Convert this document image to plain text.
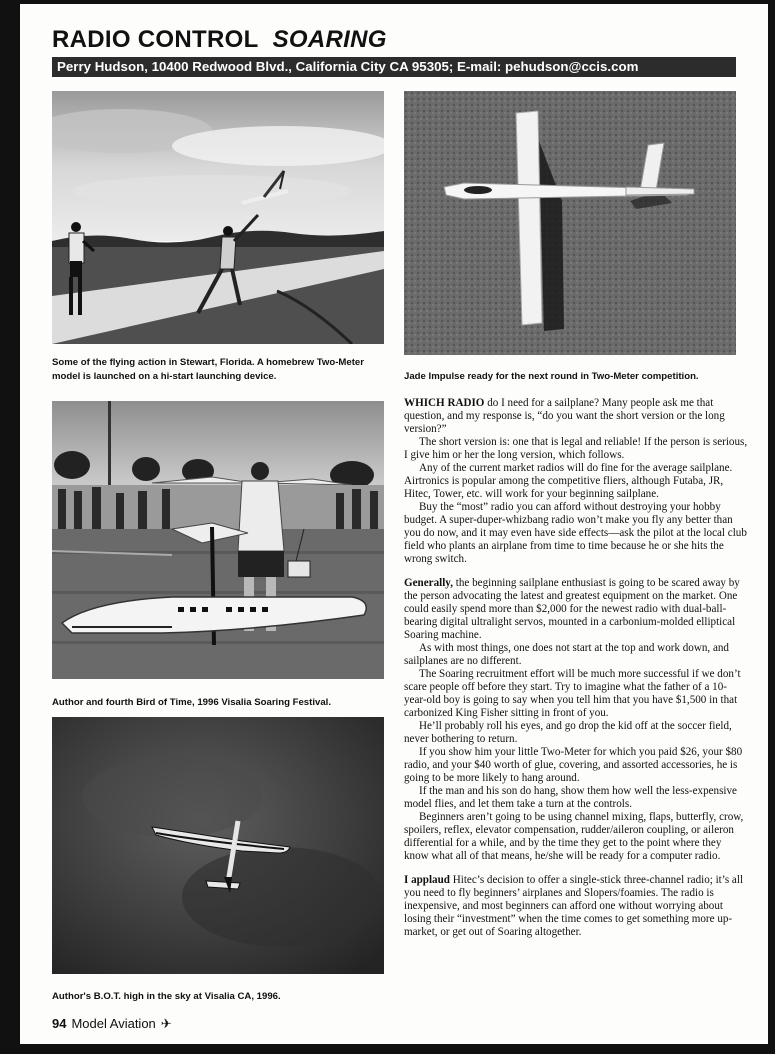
RADIO CONTROL SOARING
Perry Hudson, 10400 Redwood Blvd., California City CA 95305; E-mail: pehudson@ccis.com

Some of the flying action in Stewart, Florida. A homebrew Two-Meter model is launched on a hi-start launching device.	Jade Impulse ready for the next round in Two-Meter competition.

Author and fourth Bird of Time, 1996 Visalia Soaring Festival.

Author's B.O.T. high in the sky at Visalia CA, 1996.

WHICH RADIO do I need for a sailplane? Many people ask me that question, and my response is, “do you want the short version or the long version?”

The short version is: one that is legal and reliable! If the person is serious, I give him or her the long version, which follows.

Any of the current market radios will do fine for the average sailplane. Airtronics is popular among the competitive fliers, although Futaba, JR, Hitec, Tower, etc. will work for your beginning sailplane.

Buy the “most” radio you can afford without destroying your hobby budget. A super-duper-whizbang radio won’t make you fly any better than you do now, and it may even have side effects—ask the pilot at the local club field who plants an airplane from time to time because he or she hits the wrong switch.

Generally, the beginning sailplane enthusiast is going to be scared away by the person advocating the latest and greatest equipment on the market. One could easily spend more than $2,000 for the newest radio with dual-ball-bearing digital ultralight servos, mounted in a carbonium-molded elliptical Soaring machine.

As with most things, one does not start at the top and work down, and sailplanes are no different.

The Soaring recruitment effort will be much more successful if we don’t scare people off before they start. Try to imagine what the father of a 10-year-old boy is going to say when you tell him that you have $1,500 in that carbonized King Fisher sitting in front of you.

He’ll probably roll his eyes, and go drop the kid off at the soccer field, never bothering to return.

If you show him your little Two-Meter for which you paid $26, your $80 radio, and your $40 worth of glue, covering, and assorted accessories, he is going to be more likely to hang around.

If the man and his son do hang, show them how well the less-expensive model flies, and let them take a turn at the controls.

Beginners aren’t going to be using channel mixing, flaps, butterfly, crow, spoilers, reflex, elevator compensation, rudder/aileron coupling, or aileron differential for a while, and by the time they get to the point where they know what all of that means, he/she will be ready for a computer radio.

I applaud Hitec’s decision to offer a single-stick three-channel radio; it’s all you need to fly beginners’ airplanes and Slopers/foamies. The radio is inexpensive, and most beginners can afford one without worrying about losing their “investment” when the time comes to get something more up-market, or get out of Soaring altogether.

94 Model Aviation ✈
